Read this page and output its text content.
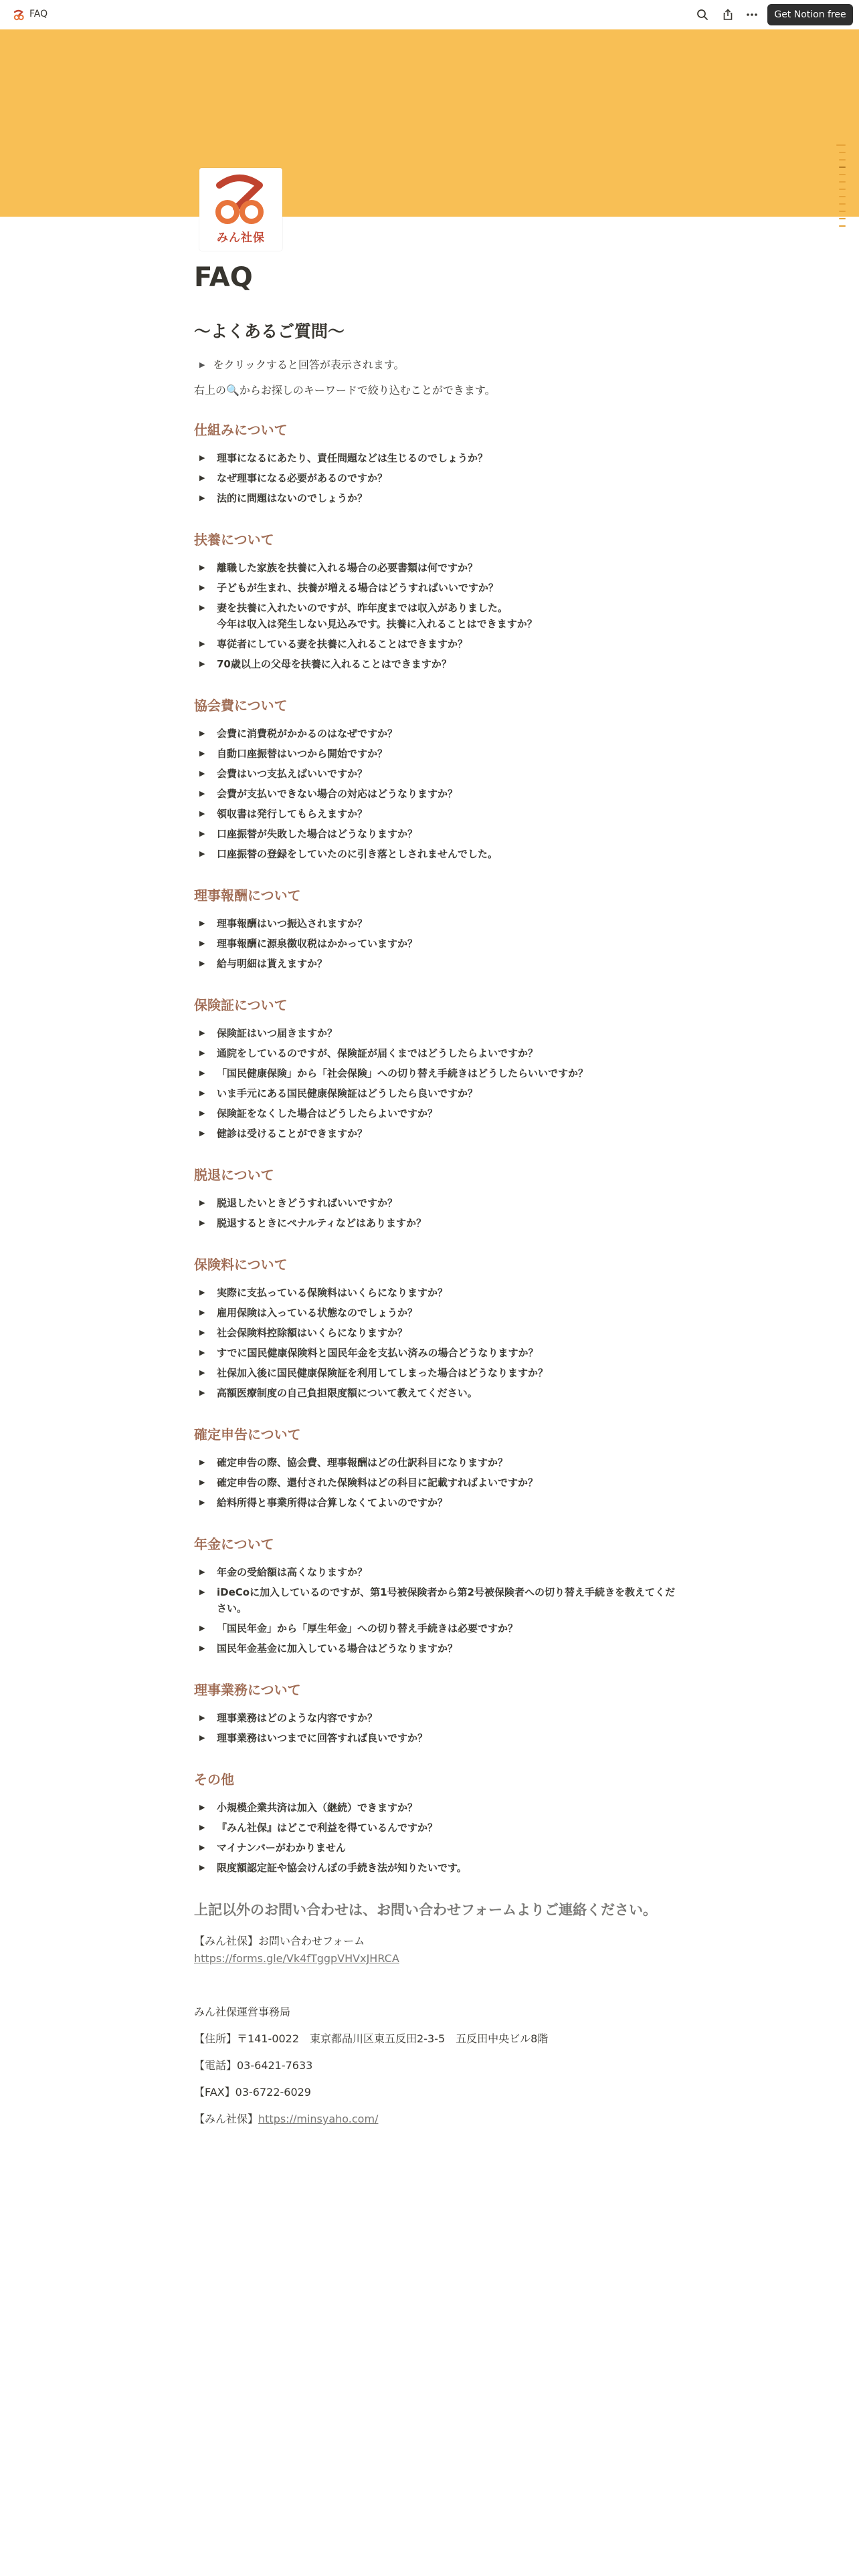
FAQ	Get Notion free
みん社保
FAQ
〜よくあるご質問〜
▶ をクリックすると回答が表示されます。
右上の🔍からお探しのキーワードで絞り込むことができます。
仕組みについて
▶	理事になるにあたり、責任問題などは生じるのでしょうか？
▶	なぜ理事になる必要があるのですか？
▶	法的に問題はないのでしょうか？
扶養について
▶	離職した家族を扶養に入れる場合の必要書類は何ですか？
▶	子どもが生まれ、扶養が増える場合はどうすればいいですか？
▶	妻を扶養に入れたいのですが、昨年度までは収入がありました。
今年は収入は発生しない見込みです。扶養に入れることはできますか？
▶	専従者にしている妻を扶養に入れることはできますか？
▶	70歳以上の父母を扶養に入れることはできますか？
協会費について
▶	会費に消費税がかかるのはなぜですか？
▶	自動口座振替はいつから開始ですか？
▶	会費はいつ支払えばいいですか？
▶	会費が支払いできない場合の対応はどうなりますか？
▶	領収書は発行してもらえますか？
▶	口座振替が失敗した場合はどうなりますか？
▶	口座振替の登録をしていたのに引き落としされませんでした。
理事報酬について
▶	理事報酬はいつ振込されますか？
▶	理事報酬に源泉徴収税はかかっていますか？
▶	給与明細は貰えますか？
保険証について
▶	保険証はいつ届きますか？
▶	通院をしているのですが、保険証が届くまではどうしたらよいですか？
▶	「国民健康保険」から「社会保険」への切り替え手続きはどうしたらいいですか？
▶	いま手元にある国民健康保険証はどうしたら良いですか？
▶	保険証をなくした場合はどうしたらよいですか？
▶	健診は受けることができますか？
脱退について
▶	脱退したいときどうすればいいですか？
▶	脱退するときにペナルティなどはありますか？
保険料について
▶	実際に支払っている保険料はいくらになりますか？
▶	雇用保険は入っている状態なのでしょうか？
▶	社会保険料控除額はいくらになりますか？
▶	すでに国民健康保険料と国民年金を支払い済みの場合どうなりますか？
▶	社保加入後に国民健康保険証を利用してしまった場合はどうなりますか？
▶	高額医療制度の自己負担限度額について教えてください。
確定申告について
▶	確定申告の際、協会費、理事報酬はどの仕訳科目になりますか？
▶	確定申告の際、還付された保険料はどの科目に記載すればよいですか？
▶	給料所得と事業所得は合算しなくてよいのですか？
年金について
▶	年金の受給額は高くなりますか？
▶	iDeCoに加入しているのですが、第1号被保険者から第2号被保険者への切り替え手続きを教えてください。
▶	「国民年金」から「厚生年金」への切り替え手続きは必要ですか？
▶	国民年金基金に加入している場合はどうなりますか？
理事業務について
▶	理事業務はどのような内容ですか？
▶	理事業務はいつまでに回答すれば良いですか？
その他
▶	小規模企業共済は加入（継続）できますか？
▶	『みん社保』はどこで利益を得ているんですか？
▶	マイナンバーがわかりません
▶	限度額認定証や協会けんぽの手続き法が知りたいです。
上記以外のお問い合わせは、お問い合わせフォームよりご連絡ください。
【みん社保】お問い合わせフォーム
https://forms.gle/Vk4fTggpVHVxJHRCA
みん社保運営事務局
【住所】〒141-0022　東京都品川区東五反田2-3-5　五反田中央ビル8階
【電話】03-6421-7633
【FAX】03-6722-6029
【みん社保】https://minsyaho.com/
